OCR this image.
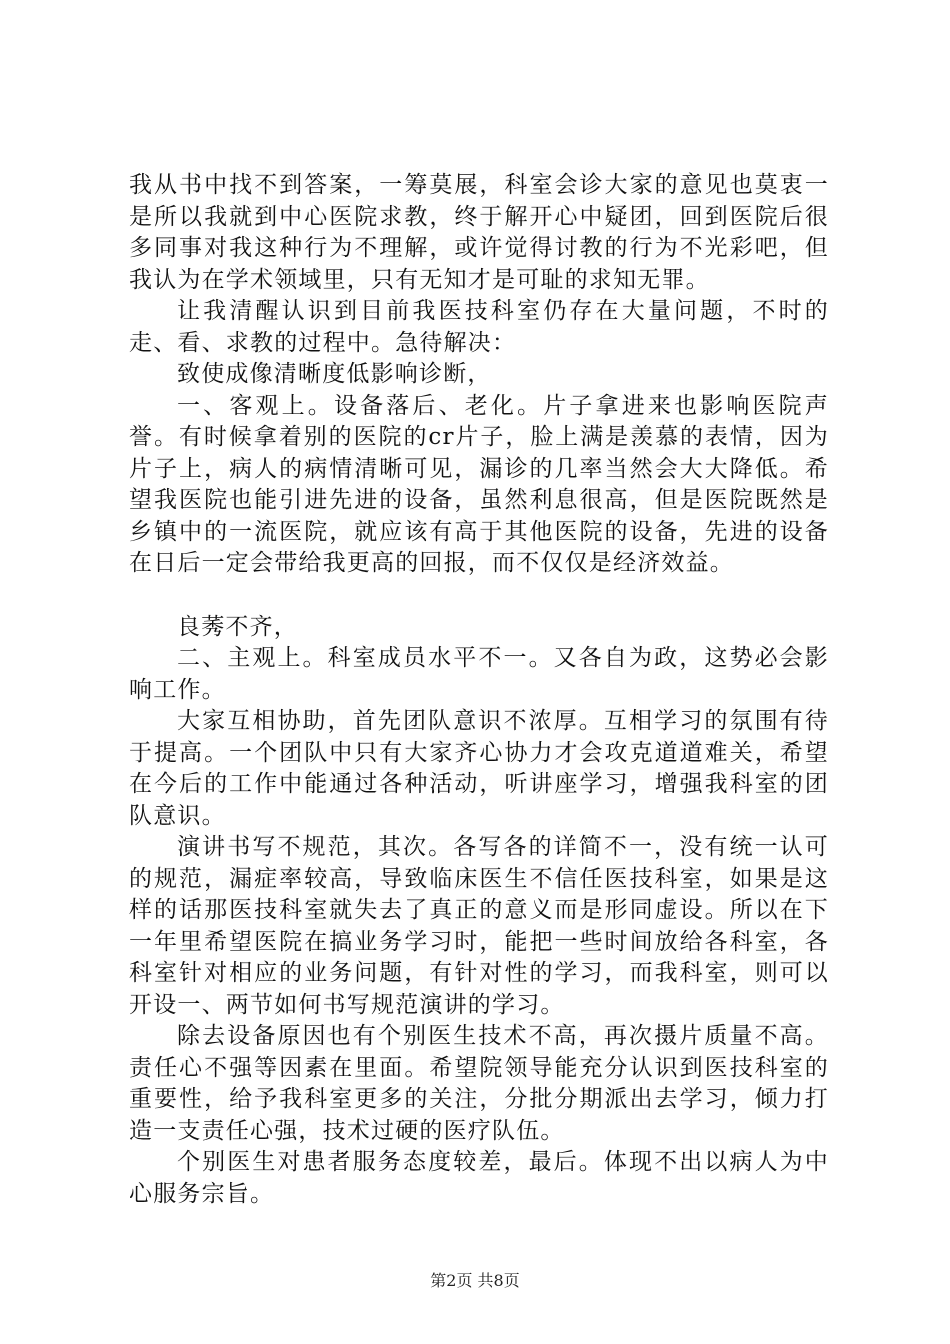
我从书中找不到答案，一筹莫展，科室会诊大家的意见也莫衷一是所以我就到中心医院求教，终于解开心中疑团，回到医院后很多同事对我这种行为不理解，或许觉得讨教的行为不光彩吧，但我认为在学术领域里，只有无知才是可耻的求知无罪。

让我清醒认识到目前我医技科室仍存在大量问题，不时的走、看、求教的过程中。急待解决：

致使成像清晰度低影响诊断，

一、客观上。设备落后、老化。片子拿进来也影响医院声誉。有时候拿着别的医院的cr片子，脸上满是羡慕的表情，因为片子上，病人的病情清晰可见，漏诊的几率当然会大大降低。希望我医院也能引进先进的设备，虽然利息很高，但是医院既然是乡镇中的一流医院，就应该有高于其他医院的设备，先进的设备在日后一定会带给我更高的回报，而不仅仅是经济效益。

良莠不齐，

二、主观上。科室成员水平不一。又各自为政，这势必会影响工作。

大家互相协助，首先团队意识不浓厚。互相学习的氛围有待于提高。一个团队中只有大家齐心协力才会攻克道道难关，希望在今后的工作中能通过各种活动，听讲座学习，增强我科室的团队意识。

演讲书写不规范，其次。各写各的详简不一，没有统一认可的规范，漏症率较高，导致临床医生不信任医技科室，如果是这样的话那医技科室就失去了真正的意义而是形同虚设。所以在下一年里希望医院在搞业务学习时，能把一些时间放给各科室，各科室针对相应的业务问题，有针对性的学习，而我科室，则可以开设一、两节如何书写规范演讲的学习。

除去设备原因也有个别医生技术不高，再次摄片质量不高。责任心不强等因素在里面。希望院领导能充分认识到医技科室的重要性，给予我科室更多的关注，分批分期派出去学习，倾力打造一支责任心强，技术过硬的医疗队伍。

个别医生对患者服务态度较差，最后。体现不出以病人为中心服务宗旨。

第2页 共8页
